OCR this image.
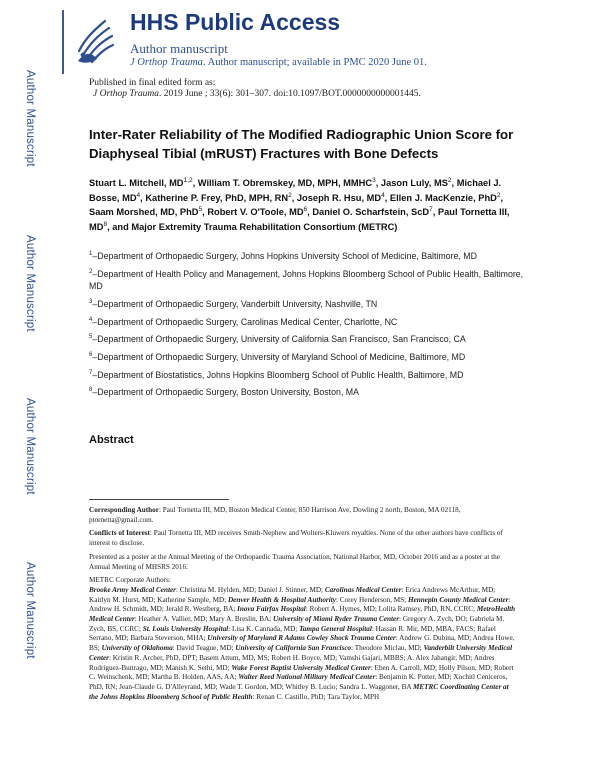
Author Manuscript
Author Manuscript
Author Manuscript
Author Manuscript
HHS Public Access
Author manuscript
J Orthop Trauma. Author manuscript; available in PMC 2020 June 01.
Published in final edited form as:
J Orthop Trauma. 2019 June ; 33(6): 301–307. doi:10.1097/BOT.0000000000001445.
Inter-Rater Reliability of The Modified Radiographic Union Score for Diaphyseal Tibial (mRUST) Fractures with Bone Defects
Stuart L. Mitchell, MD$^{1,2}$, William T. Obremskey, MD, MPH, MMHC$^3$, Jason Luly, $MS^2$, Michael J. Bosse, $MD^4$, Katherine P. Frey, PhD, MPH, $RN^2$, Joseph R. Hsu, $MD^4$, Ellen J. MacKenzie, PhD$^2$, Saam Morshed, MD, PhD$^5$, Robert V. O'Toole, $MD^6$, Daniel O. Scharfstein, ScD$^7$, Paul Tornetta III, $MD^8$, and Major Extremity Trauma Rehabilitation Consortium (METRC)
$^1$–Department of Orthopaedic Surgery, Johns Hopkins University School of Medicine, Baltimore, MD
$^2$–Department of Health Policy and Management, Johns Hopkins Bloomberg School of Public Health, Baltimore, MD
$^3$–Department of Orthopaedic Surgery, Vanderbilt University, Nashville, TN
$^4$–Department of Orthopaedic Surgery, Carolinas Medical Center, Charlotte, NC
$^5$–Department of Orthopaedic Surgery, University of California San Francisco, San Francisco, CA
$^6$–Department of Orthopaedic Surgery, University of Maryland School of Medicine, Baltimore, MD
$^7$–Department of Biostatistics, Johns Hopkins Bloomberg School of Public Health, Baltimore, MD
$^8$–Department of Orthopaedic Surgery, Boston University, Boston, MA
Abstract

Corresponding Author: Paul Tornetta III, MD, Boston Medical Center, 850 Harrison Ave, Dowling 2 north, Boston, MA 02118, ptornetta@gmail.com.

Conflicts of Interest: Paul Tornetta III, MD receives Smith-Nephew and Wolters-Kluwers royalties. None of the other authors have conflicts of interest to disclose.

Presented as a poster at the Annual Meeting of the Orthopaedic Trauma Association, National Harbor, MD, October 2016 and as a poster at the Annual Meeting of MHSRS 2016.

METRC Corporate Authors:

Brooke Army Medical Center: Christina M. Hylden, MD; Daniel J. Stinner, MD; Carolinas Medical Center: Erica Andrews McArthur, MD; Kaitlyn M. Hurst, MD; Katherine Sample, MD; Denver Health & Hospital Authority: Corey Henderson, MS; Hennepin County Medical Center: Andrew H. Schmidt, MD; Jerald R. Westberg, BA; Inova Fairfax Hospital: Robert A. Hymes, MD; Lolita Ramsey, PhD, RN, CCRC; MetroHealth Medical Center: Heather A. Vallier, MD; Mary A. Breslin, BA; University of Miami Ryder Trauma Center: Gregory A. Zych, DO; Gabriela M. Zych, BS, CCRC; St. Louis University Hospital: Lisa K. Cannada, MD; Tampa General Hospital: Hassan R. Mir, MD, MBA, FACS; Rafael Serrano, MD; Barbara Steverson, MHA; University of Maryland R Adams Cowley Shock Trauma Center: Andrew G. Dubina, MD; Andrea Howe, BS; University of Oklahoma: David Teague, MD; University of California San Francisco: Theodore Miclau, MD; Vanderbilt University Medical Center: Kristin R. Archer, PhD, DPT; Basem Attum, MD, MS; Robert H. Boyce, MD; Vamshi Gajari, MBBS; A. Alex Jahangir, MD; Andres Rodriguez-Buitrago, MD; Manish K. Sethi, MD; Wake Forest Baptist University Medical Center: Eben A. Carroll, MD; Holly Pilson, MD; Robert C. Weinschenk, MD; Martha B. Holden, AAS, AA; Walter Reed National Military Medical Center: Benjamin K. Potter, MD; Xochitl Ceniceros, PhD, RN; Jean-Claude G. D'Alleyrand, MD; Wade T. Gordon, MD; Whitley B. Lucio; Sandra L. Waggoner, BA METRC Coordinating Center at the Johns Hopkins Bloomberg School of Public Health: Renan C. Castillo, PhD; Tara Taylor, MPH
